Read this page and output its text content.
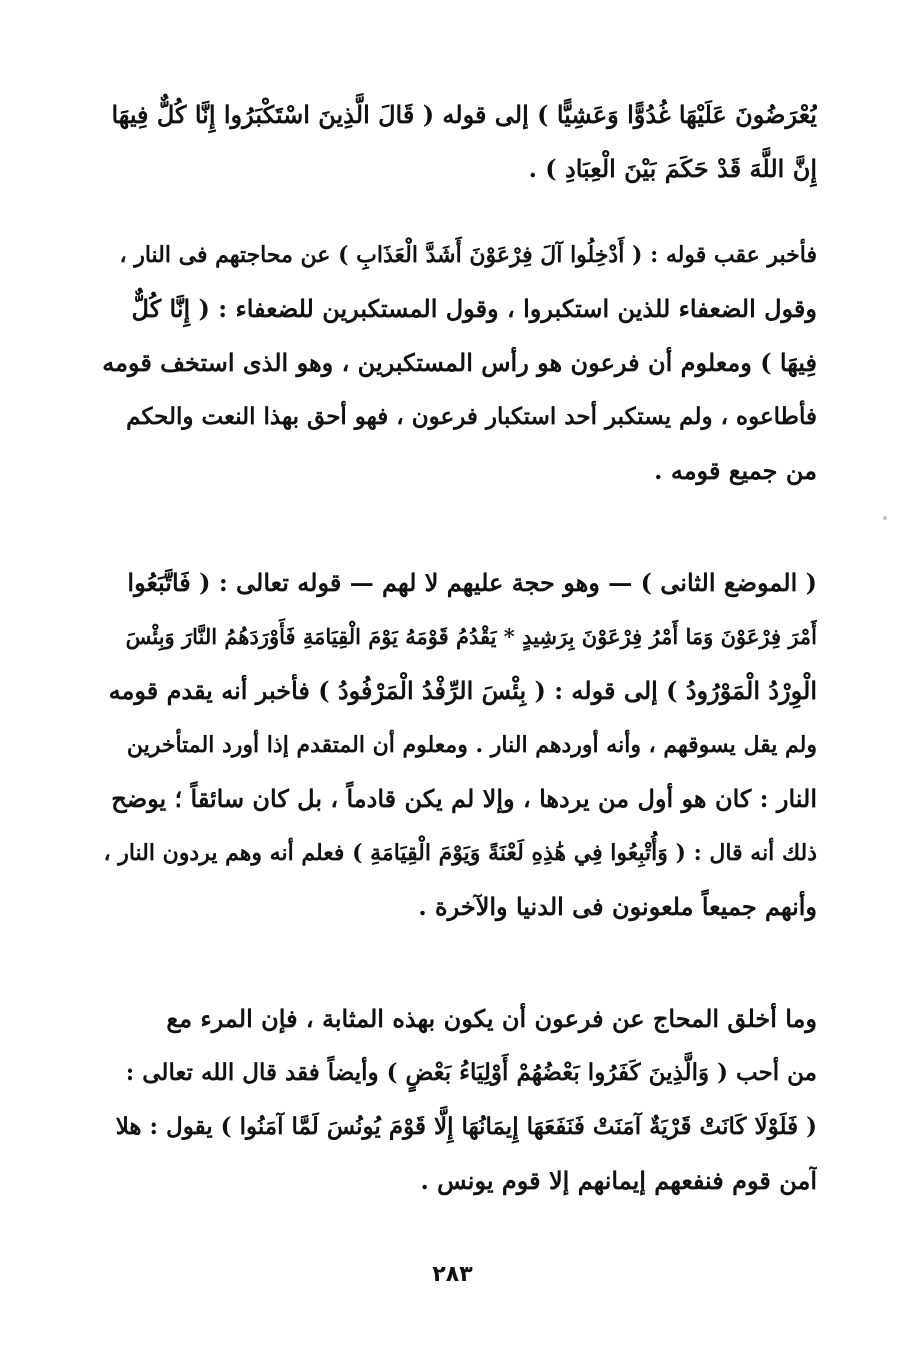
يُعْرَضُونَ عَلَيْهَا غُدُوًّا وَعَشِيًّا ) إلى قوله ( قَالَ الَّذِينَ اسْتَكْبَرُوا إِنَّا كُلٌّ فِيهَا
إِنَّ اللَّهَ قَدْ حَكَمَ بَيْنَ الْعِبَادِ ) .
فأخبر عقب قوله : ( أَدْخِلُوا آلَ فِرْعَوْنَ أَشَدَّ الْعَذَابِ ) عن محاجتهم فى النار ،
وقول الضعفاء للذين استكبروا ، وقول المستكبرين للضعفاء : ( إِنَّا كُلٌّ
فِيهَا ) ومعلوم أن فرعون هو رأس المستكبرين ، وهو الذى استخف قومه
فأطاعوه ، ولم يستكبر أحد استكبار فرعون ، فهو أحق بهذا النعت والحكم
من جميع قومه .
( الموضع الثانى ) — وهو حجة عليهم لا لهم — قوله تعالى : ( فَاتَّبَعُوا
أَمْرَ فِرْعَوْنَ وَمَا أَمْرُ فِرْعَوْنَ بِرَشِيدٍ * يَقْدُمُ قَوْمَهُ يَوْمَ الْقِيَامَةِ فَأَوْرَدَهُمُ النَّارَ وَبِئْسَ
الْوِرْدُ الْمَوْرُودُ ) إلى قوله : ( بِئْسَ الرِّفْدُ الْمَرْفُودُ ) فأخبر أنه يقدم قومه
ولم يقل يسوقهم ، وأنه أوردهم النار . ومعلوم أن المتقدم إذا أورد المتأخرين
النار : كان هو أول من يردها ، وإلا لم يكن قادماً ، بل كان سائقاً ؛ يوضح
ذلك أنه قال : ( وَأُتْبِعُوا فِي هَٰذِهِ لَعْنَةً وَيَوْمَ الْقِيَامَةِ ) فعلم أنه وهم يردون النار ،
وأنهم جميعاً ملعونون فى الدنيا والآخرة .
وما أخلق المحاج عن فرعون أن يكون بهذه المثابة ، فإن المرء مع
من أحب ( وَالَّذِينَ كَفَرُوا بَعْضُهُمْ أَوْلِيَاءُ بَعْضٍ ) وأيضاً فقد قال الله تعالى :
( فَلَوْلَا كَانَتْ قَرْيَةٌ آمَنَتْ فَنَفَعَهَا إِيمَانُهَا إِلَّا قَوْمَ يُونُسَ لَمَّا آمَنُوا ) يقول : هلا
آمن قوم فنفعهم إيمانهم إلا قوم يونس .
٢٨٣
